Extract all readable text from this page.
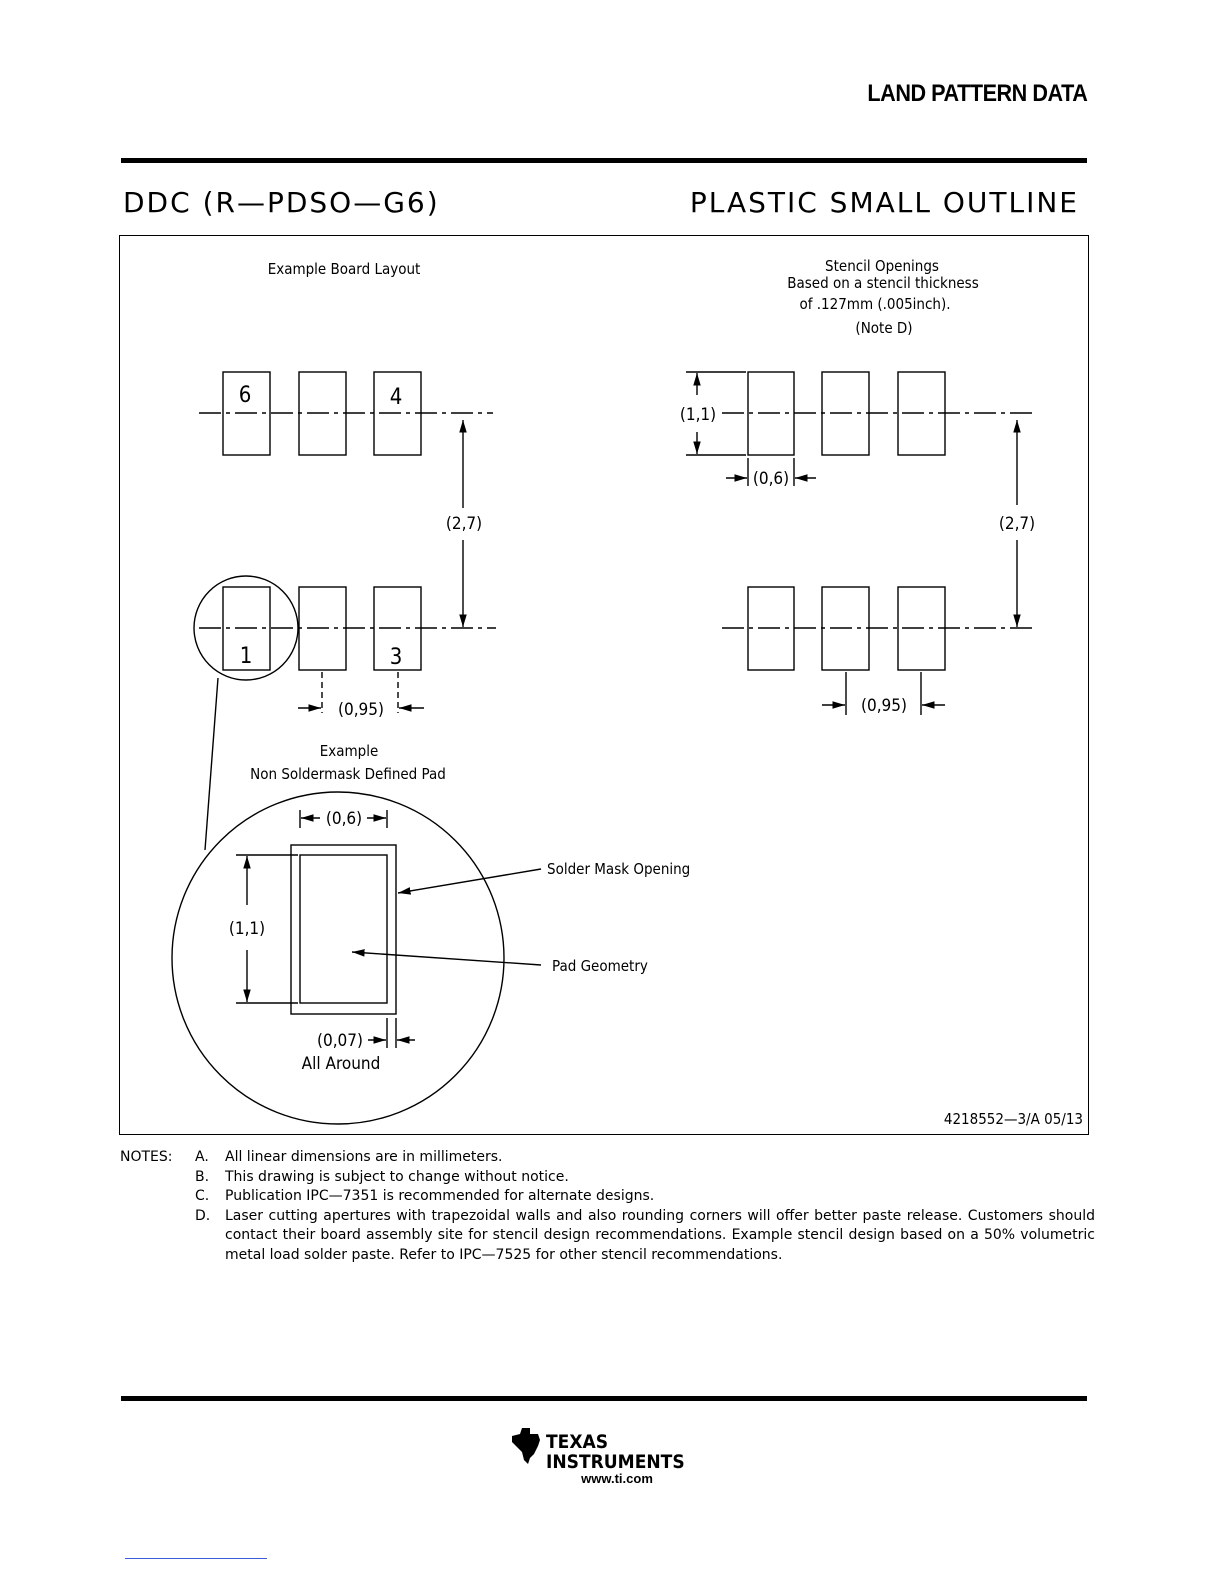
LAND PATTERN DATA
DDC (R—PDSO—G6)	PLASTIC SMALL OUTLINE
Example Board Layout	Stencil Openings
Based on a stencil thickness
of .127mm (.005inch).
(Note D)
6	4
1	3
(2,7)	(2,7)
(0,95)	(0,95)
(1,1)
(0,6)
Example
Non Soldermask Defined Pad
(0,6)
(1,1)
(0,07)
All Around
Solder Mask Opening
Pad Geometry
4218552—3/A 05/13
NOTES: A. All linear dimensions are in millimeters.
B. This drawing is subject to change without notice.
C. Publication IPC—7351 is recommended for alternate designs.
D. Laser cutting apertures with trapezoidal walls and also rounding corners will offer better paste release. Customers should contact their board assembly site for stencil design recommendations. Example stencil design based on a 50% volumetric metal load solder paste. Refer to IPC—7525 for other stencil recommendations.
ti TEXAS
INSTRUMENTS
www.ti.com
